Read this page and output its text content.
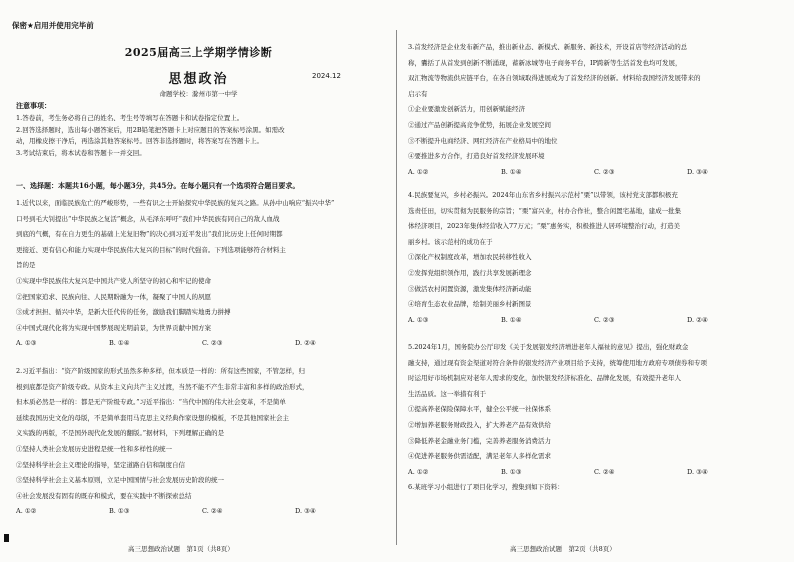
保密★启用并使用完毕前
2025届高三上学期学情诊断
思想政治	2024.12
命题学校：滁州市第一中学
注意事项：
1.答卷前，考生务必将自己的姓名、考生号等填写在答题卡和试卷指定位置上。
2.回答选择题时，选出每小题答案后，用2B铅笔把答题卡上对应题目的答案标号涂黑。如需改
动，用橡皮擦干净后，再选涂其他答案标号。回答非选择题时，将答案写在答题卡上。
3.考试结束后，将本试卷和答题卡一并交回。
一、选择题：本题共16小题，每小题3分，共45分。在每小题只有一个选项符合题目要求。
1.近代以来，面临民族危亡的严峻形势，一些有识之士开始探究中华民族的复兴之路。从孙中山响应“振兴中华”
口号到毛大钊提出“中华民族之复活”概念，从毛泽东呼吁“我们中华民族有同自己的敌人血战
到底的气概，有在自力更生的基础上光复旧物”的决心到习近平发出“我们比历史上任何时期都
更接近、更有信心和能力实现中华民族伟大复兴的目标”的时代强音。下列选项能够符合材料主
旨的是
①实现中华民族伟大复兴是中国共产党人所坚守的初心和牢记的使命
②把国家追求、民族向往、人民期盼融为一体，凝聚了中国人的夙愿
③成才担担、循兴中华，是新大任代传的任务，激励我们脚踏实地勇力拼搏
④中国式现代化将为实现中国梦展现光明前景，为世界贡献中国方案
A. ①③	B. ①④	C. ②③	D. ②④
2.习近平指出：“资产阶级国家的形式虽然多种多样，但本质是一样的：所有这些国家，不管怎样，归
根到底都是资产阶级专政。从资本主义向共产主义过渡，当然不能不产生非常丰富和多样的政治形式，
但本质必然是一样的：都是无产阶级专政。”习近平指出：“当代中国的伟大社会变革，不是简单
延续我国历史文化的母版，不是简单套用马克思主义经典作家设想的模板，不是其他国家社会主
义实践的再版，不是国外现代化发展的翻版。”据材料，下列理解正确的是
①坚持人类社会发展历史进程是统一性和多样性的统一
②坚持科学社会主义理论的指导，坚定道路自信和制度自信
③坚持科学社会主义基本原则，立足中国国情与社会发展历史阶段的统一
④社会发展没有固有的既存和模式，要在实践中不断探索总结
A. ①②	B. ①③	C. ②④	D. ③④
高三思想政治试题　第1页（共8页）
3.首发经济是企业发布新产品，推出新业态、新模式、新服务、新技术，开设首店等经济活动的总
称，囊括了从首发到创新不断涌现，蓄新冰城等电子商务平台，IP跨新等生活首发也均可发展，
双汇物流等物流供应链平台，在各自领域取得进展成为了首发经济的创新。材料给我国经济发展带来的
启示有
①企业要激发创新活力，用创新赋能经济
②通过产品创新提高竞争优势，拓展企业发展空间
③不断提升电商经济、网红经济在产业格局中的地位
④要推进多方合作，打造良好首发经济发展环境
A. ①②	B. ①④	C. ②③	D. ③④
4.民族要复兴，乡村必振兴。2024年山东省乡村振兴示范村“栗”以带领，该村党支部都积极充
选责任田，切实贯彻为民服务的宗旨；“栗”富兴业，村办合作社，整合闲置宅基地，建成一批集
体经济项目，2023年集体经营收入77万元；“栗”惠务实，积极推进人居环境整治行动，打造美
丽乡村。该示范村的成功在于
①深化产权制度改革，增加农民转移性收入
②发挥党组织领作用，践行共享发展新理念
③做活农村闲置资源，激发集体经济新动能
④培育生态农业品牌，绘制美丽乡村新图景
A. ①③	B. ①④	C. ②③	D. ②④
5.2024年1月，国务院办公厅印发《关于发展银发经济增进老年人福祉的意见》提出，强化财政金
融支持，通过现有资金渠道对符合条件的银发经济产业项目给予支持，统筹使用地方政府专项债券和专项
时运用好市场机制应对老年人需求的变化，加快银发经济标准化、品牌化发展，有效提升老年人
生活品质。这一举措有利于
①提高养老保险保障水平，健全公平统一社保体系
②增加养老服务财政投入，扩大养老产品有效供给
③降低养老金融业务门槛，完善养老服务消费活力
④促进养老服务供需适配，满足老年人多样化需求
A. ①②	B. ①③	C. ②④	D. ③④
6.某班学习小组进行了项目化学习，搜集到如下资料：
高三思想政治试题　第2页（共8页）
